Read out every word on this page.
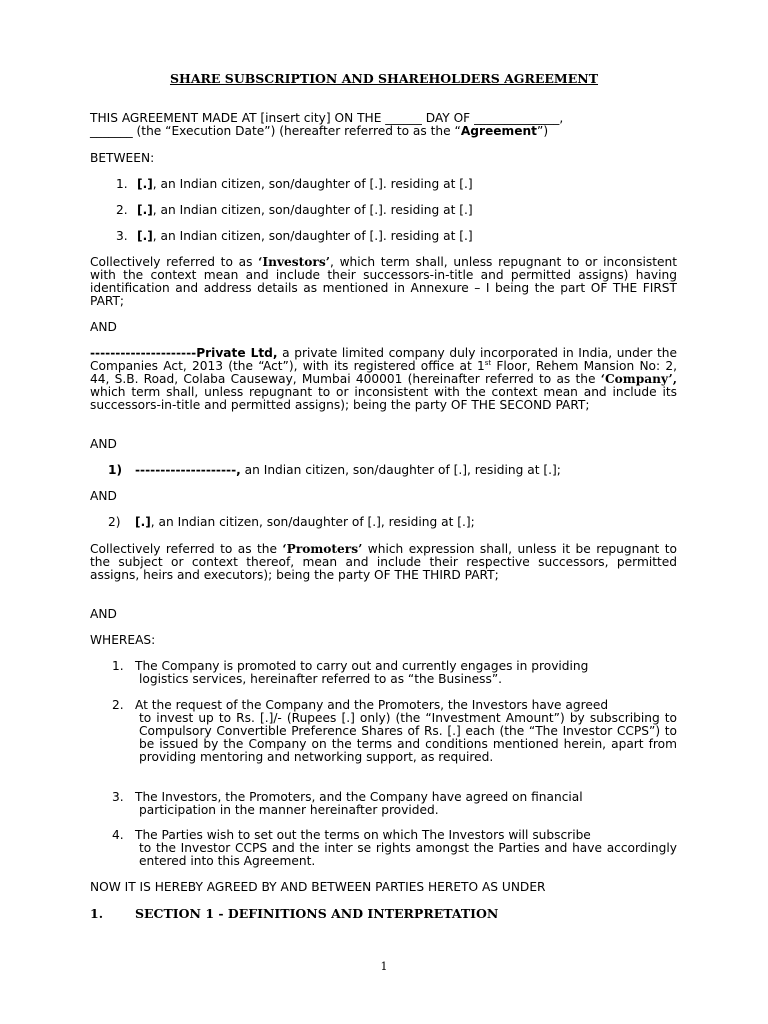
SHARE SUBSCRIPTION AND SHAREHOLDERS AGREEMENT

THIS AGREEMENT MADE AT [insert city] ON THE ______ DAY OF ______________,
_______ (the “Execution Date”) (hereafter referred to as the “Agreement”)

BETWEEN:

1. [.], an Indian citizen, son/daughter of [.]. residing at [.]
2. [.], an Indian citizen, son/daughter of [.]. residing at [.]
3. [.], an Indian citizen, son/daughter of [.]. residing at [.]

Collectively referred to as ‘Investors’, which term shall, unless repugnant to or inconsistent with the context mean and include their successors-in-title and permitted assigns) having identification and address details as mentioned in Annexure – I being the part OF THE FIRST PART;

AND

---------------------Private Ltd, a private limited company duly incorporated in India, under the Companies Act, 2013 (the “Act”), with its registered office at 1st Floor, Rehem Mansion No: 2, 44, S.B. Road, Colaba Causeway, Mumbai 400001 (hereinafter referred to as the ‘Company’, which term shall, unless repugnant to or inconsistent with the context mean and include its successors-in-title and permitted assigns); being the party OF THE SECOND PART;

AND

1) --------------------, an Indian citizen, son/daughter of [.], residing at [.];

AND

2) [.], an Indian citizen, son/daughter of [.], residing at [.];

Collectively referred to as the ‘Promoters’ which expression shall, unless it be repugnant to the subject or context thereof, mean and include their respective successors, permitted assigns, heirs and executors); being the party OF THE THIRD PART;

AND

WHEREAS:

1. The Company is promoted to carry out and currently engages in providing
logistics services, hereinafter referred to as “the Business”.
2. At the request of the Company and the Promoters, the Investors have agreed
to invest up to Rs. [.]/- (Rupees [.] only) (the “Investment Amount”) by subscribing to Compulsory Convertible Preference Shares of Rs. [.] each (the “The Investor CCPS”) to be issued by the Company on the terms and conditions mentioned herein, apart from providing mentoring and networking support, as required.
3. The Investors, the Promoters, and the Company have agreed on financial
participation in the manner hereinafter provided.
4. The Parties wish to set out the terms on which The Investors will subscribe
to the Investor CCPS and the inter se rights amongst the Parties and have accordingly entered into this Agreement.

NOW IT IS HEREBY AGREED BY AND BETWEEN PARTIES HERETO AS UNDER

1.	SECTION 1 - DEFINITIONS AND INTERPRETATION
1
